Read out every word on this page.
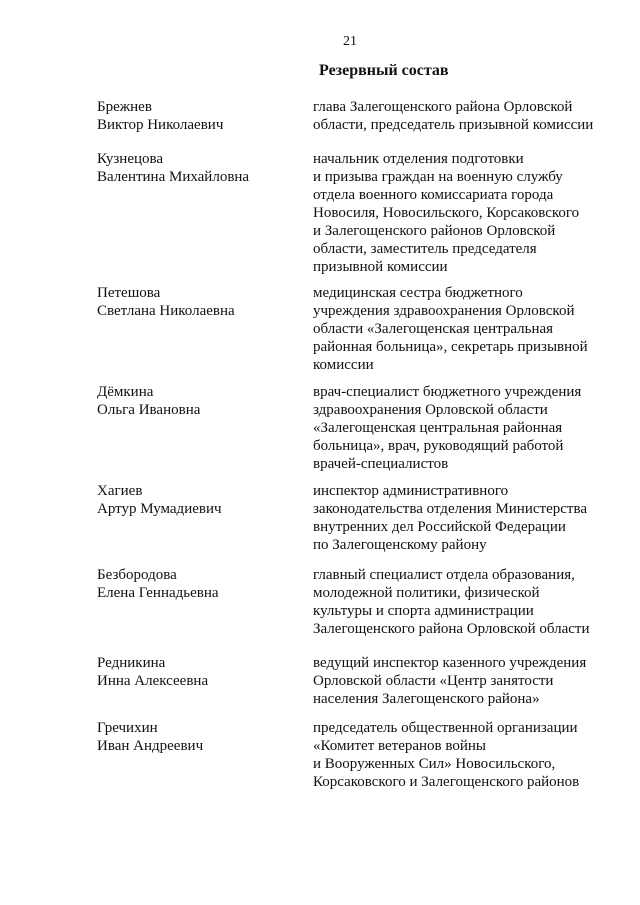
21
Резервный состав
Брежнев
Виктор Николаевич
глава Залегощенского района Орловской
области, председатель призывной комиссии
Кузнецова
Валентина Михайловна
начальник отделения подготовки
и призыва граждан на военную службу
отдела военного комиссариата города
Новосиля, Новосильского, Корсаковского
и Залегощенского районов Орловской
области, заместитель председателя
призывной комиссии
Петешова
Светлана Николаевна
медицинская сестра бюджетного
учреждения здравоохранения Орловской
области «Залегощенская центральная
районная больница», секретарь призывной
комиссии
Дёмкина
Ольга Ивановна
врач-специалист бюджетного учреждения
здравоохранения Орловской области
«Залегощенская центральная районная
больница», врач, руководящий работой
врачей-специалистов
Хагиев
Артур Мумадиевич
инспектор административного
законодательства отделения Министерства
внутренних дел Российской Федерации
по Залегощенскому району
Безбородова
Елена Геннадьевна
главный специалист отдела образования,
молодежной политики, физической
культуры и спорта администрации
Залегощенского района Орловской области
Редникина
Инна Алексеевна
ведущий инспектор казенного учреждения
Орловской области «Центр занятости
населения Залегощенского района»
Гречихин
Иван Андреевич
председатель общественной организации
«Комитет ветеранов войны
и Вооруженных Сил» Новосильского,
Корсаковского и Залегощенского районов
